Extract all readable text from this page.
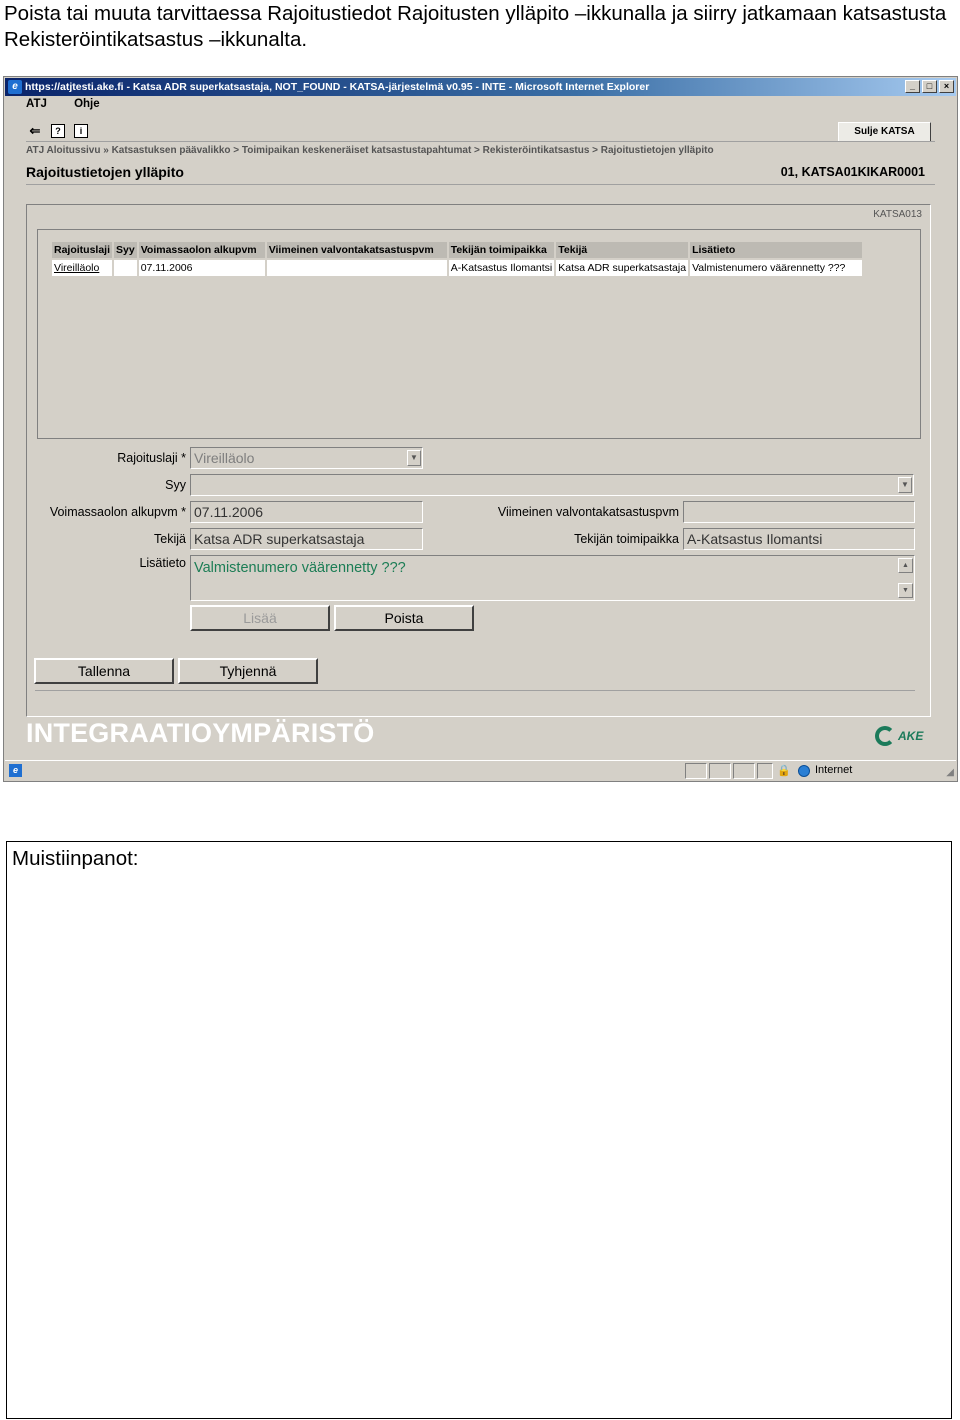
Poista tai muuta tarvittaessa Rajoitustiedot Rajoitusten ylläpito –ikkunalla ja siirry jatkamaan katsastusta Rekisteröintikatsastus –ikkunalta.

e https://atjtesti.ake.fi - Katsa ADR superkatsastaja, NOT_FOUND - KATSA-järjestelmä v0.95 - INTE - Microsoft Internet Explorer	_	□	×
ATJ Ohje
⇐	?	i	Sulje KATSA
ATJ Aloitussivu » Katsastuksen päävalikko > Toimipaikan keskeneräiset katsastustapahtumat > Rekisteröintikatsastus > Rajoitustietojen ylläpito
Rajoitustietojen ylläpito	01, KATSA01KIKAR0001
KATSA013
Rajoituslaji	Syy	Voimassaolon alkupvm	Viimeinen valvontakatsastuspvm	Tekijän toimipaikka	Tekijä	Lisätieto
Vireilläolo		07.11.2006		A-Katsastus Ilomantsi	Katsa ADR superkatsastaja	Valmistenumero väärennetty ???
Rajoituslaji * Vireilläolo	▼
Syy	▼
Voimassaolon alkupvm * 07.11.2006	Viimeinen valvontakatsastuspvm
Tekijä Katsa ADR superkatsastaja	Tekijän toimipaikka A-Katsastus Ilomantsi
Lisätieto Valmistenumero väärennetty ???	▲
▼
Lisää	Poista
Tallenna	Tyhjennä
INTEGRAATIOYMPÄRISTÖ	AKE
e	🔒 Internet	◢
Muistiinpanot:
